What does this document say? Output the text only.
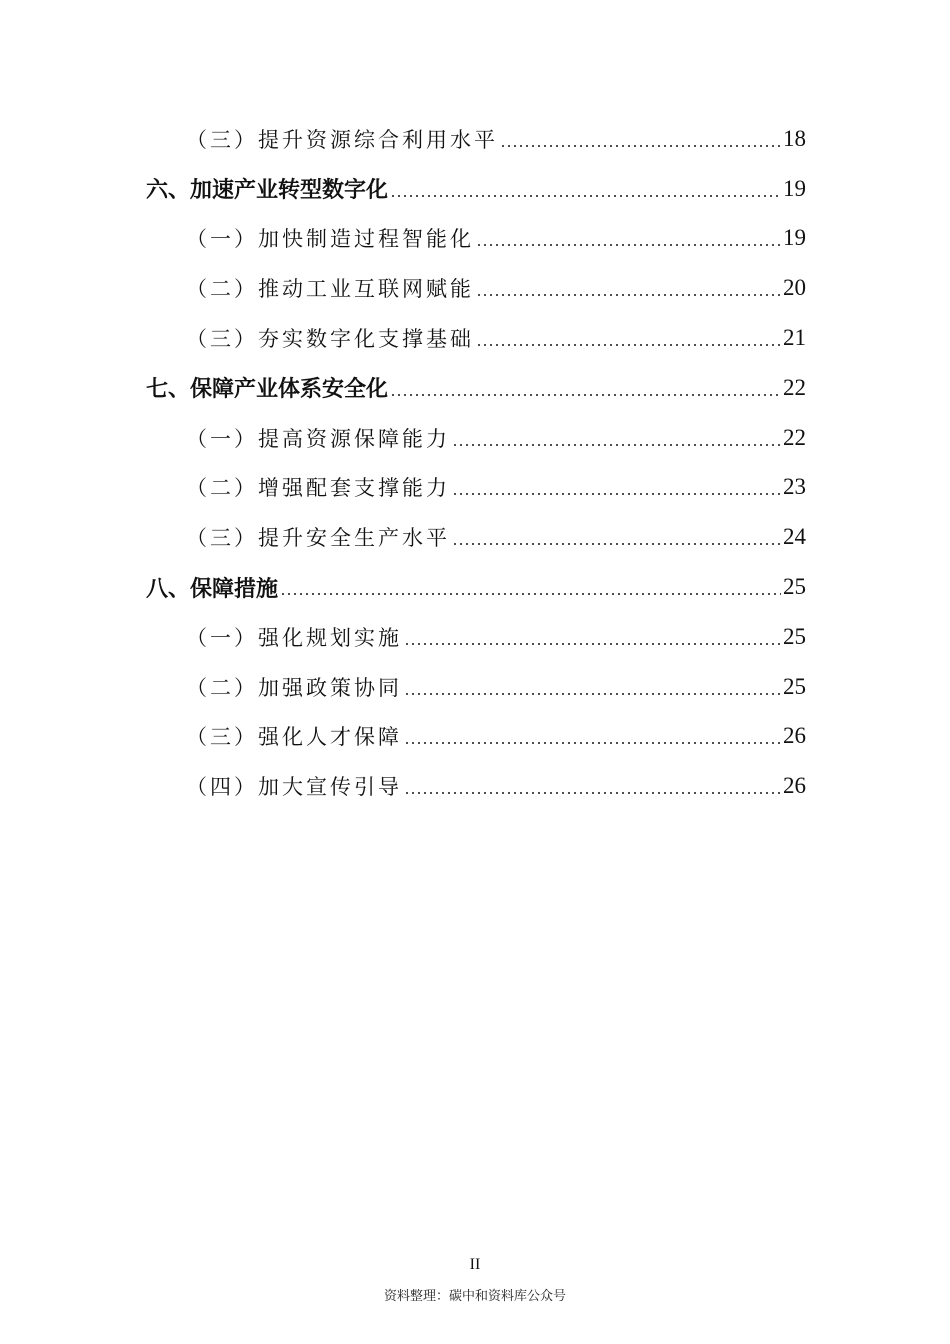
（三）提升资源综合利用水平	18
六、加速产业转型数字化	19
（一）加快制造过程智能化	19
（二）推动工业互联网赋能	20
（三）夯实数字化支撑基础	21
七、保障产业体系安全化	22
（一）提高资源保障能力	22
（二）增强配套支撑能力	23
（三）提升安全生产水平	24
八、保障措施	25
（一）强化规划实施	25
（二）加强政策协同	25
（三）强化人才保障	26
（四）加大宣传引导	26
II
资料整理：碳中和资料库公众号
